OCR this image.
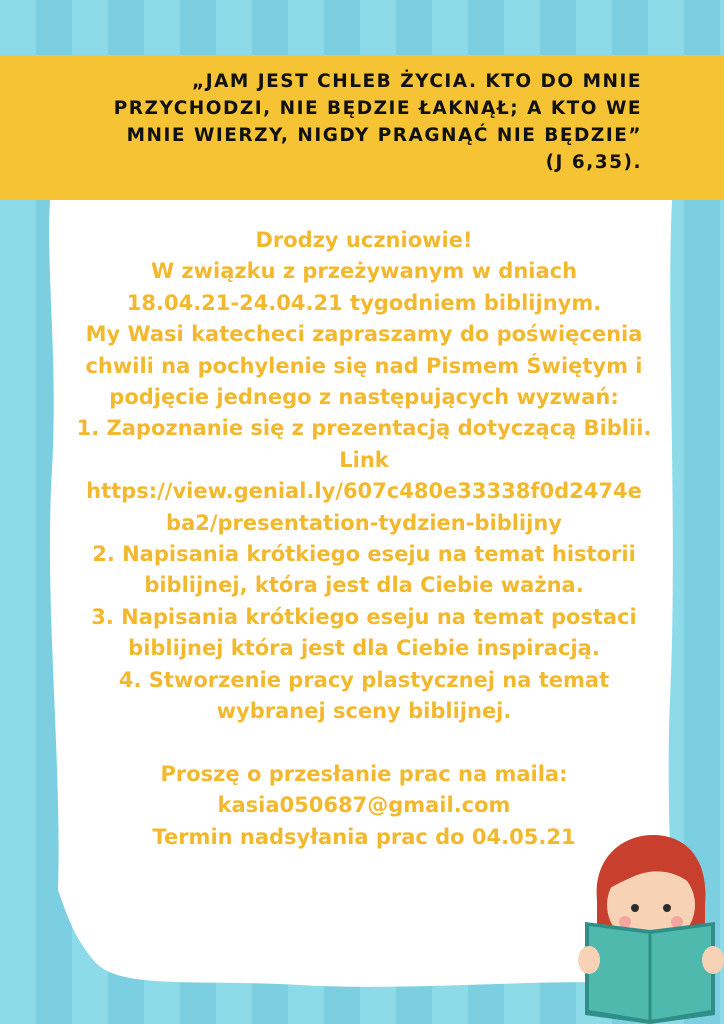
„JAM JEST CHLEB ŻYCIA. KTO DO MNIE
PRZYCHODZI, NIE BĘDZIE ŁAKNĄŁ; A KTO WE
MNIE WIERZY, NIGDY PRAGNĄĆ NIE BĘDZIE”
(J 6,35).

Drodzy uczniowie!

W związku z przeżywanym w dniach

18.04.21-24.04.21 tygodniem biblijnym.

My Wasi katecheci zapraszamy do poświęcenia

chwili na pochylenie się nad Pismem Świętym i

podjęcie jednego z następujących wyzwań:

1. Zapoznanie się z prezentacją dotyczącą Biblii.

Link

https://view.genial.ly/607c480e33338f0d2474e

ba2/presentation-tydzien-biblijny

2. Napisania krótkiego eseju na temat historii

biblijnej, która jest dla Ciebie ważna.

3. Napisania krótkiego eseju na temat postaci

biblijnej która jest dla Ciebie inspiracją.

4. Stworzenie pracy plastycznej na temat

wybranej sceny biblijnej.

Proszę o przesłanie prac na maila:

kasia050687@gmail.com

Termin nadsyłania prac do 04.05.21
